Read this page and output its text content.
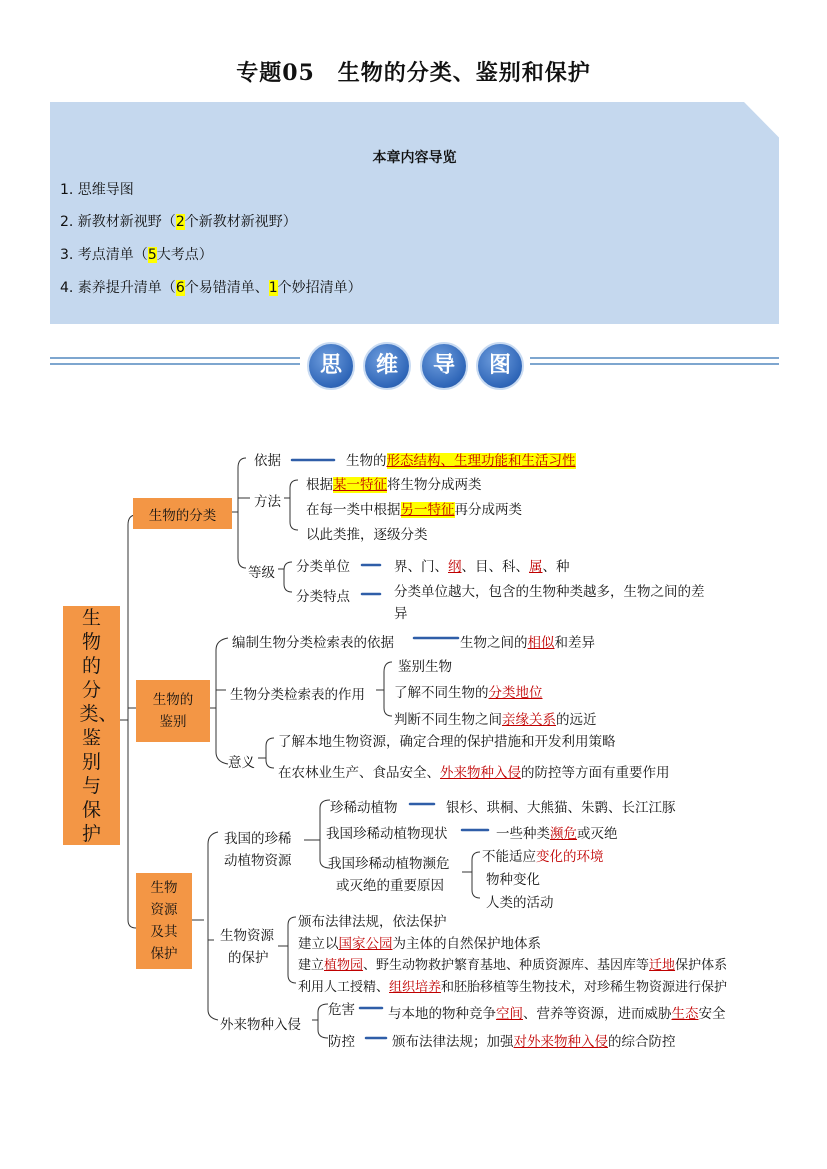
专题05　生物的分类、鉴别和保护
本章内容导览
1. 思维导图
2. 新教材新视野（2个新教材新视野）
3. 考点清单（5大考点）
4. 素养提升清单（6个易错清单、1个妙招清单）
思	维	导	图
生物的分类、鉴别与保护
生物的分类
生物的鉴别
生物资源及其保护
依据	生物的形态结构、生理功能和生活习性
方法
根据某一特征将生物分成两类
在每一类中根据另一特征再分成两类
以此类推，逐级分类
等级 分类单位	界、门、纲、目、科、属、种
分类特点	分类单位越大，包含的生物种类越多，生物之间的差
异
编制生物分类检索表的依据	生物之间的相似和差异
生物分类检索表的作用
鉴别生物
了解不同生物的分类地位
判断不同生物之间亲缘关系的远近
意义
了解本地生物资源，确定合理的保护措施和开发利用策略
在农林业生产、食品安全、外来物种入侵的防控等方面有重要作用
我国的珍稀
动植物资源
珍稀动植物	银杉、珙桐、大熊猫、朱鹮、长江江豚
我国珍稀动植物现状	一些种类濒危或灭绝
我国珍稀动植物濒危
或灭绝的重要原因
不能适应变化的环境
物种变化
人类的活动
生物资源
的保护
颁布法律法规，依法保护
建立以国家公园为主体的自然保护地体系
建立植物园、野生动物救护繁育基地、种质资源库、基因库等迁地保护体系
利用人工授精、组织培养和胚胎移植等生物技术，对珍稀生物资源进行保护
外来物种入侵
危害 与本地的物种竞争空间、营养等资源，进而威胁生态安全
防控	颁布法律法规；加强对外来物种入侵的综合防控
